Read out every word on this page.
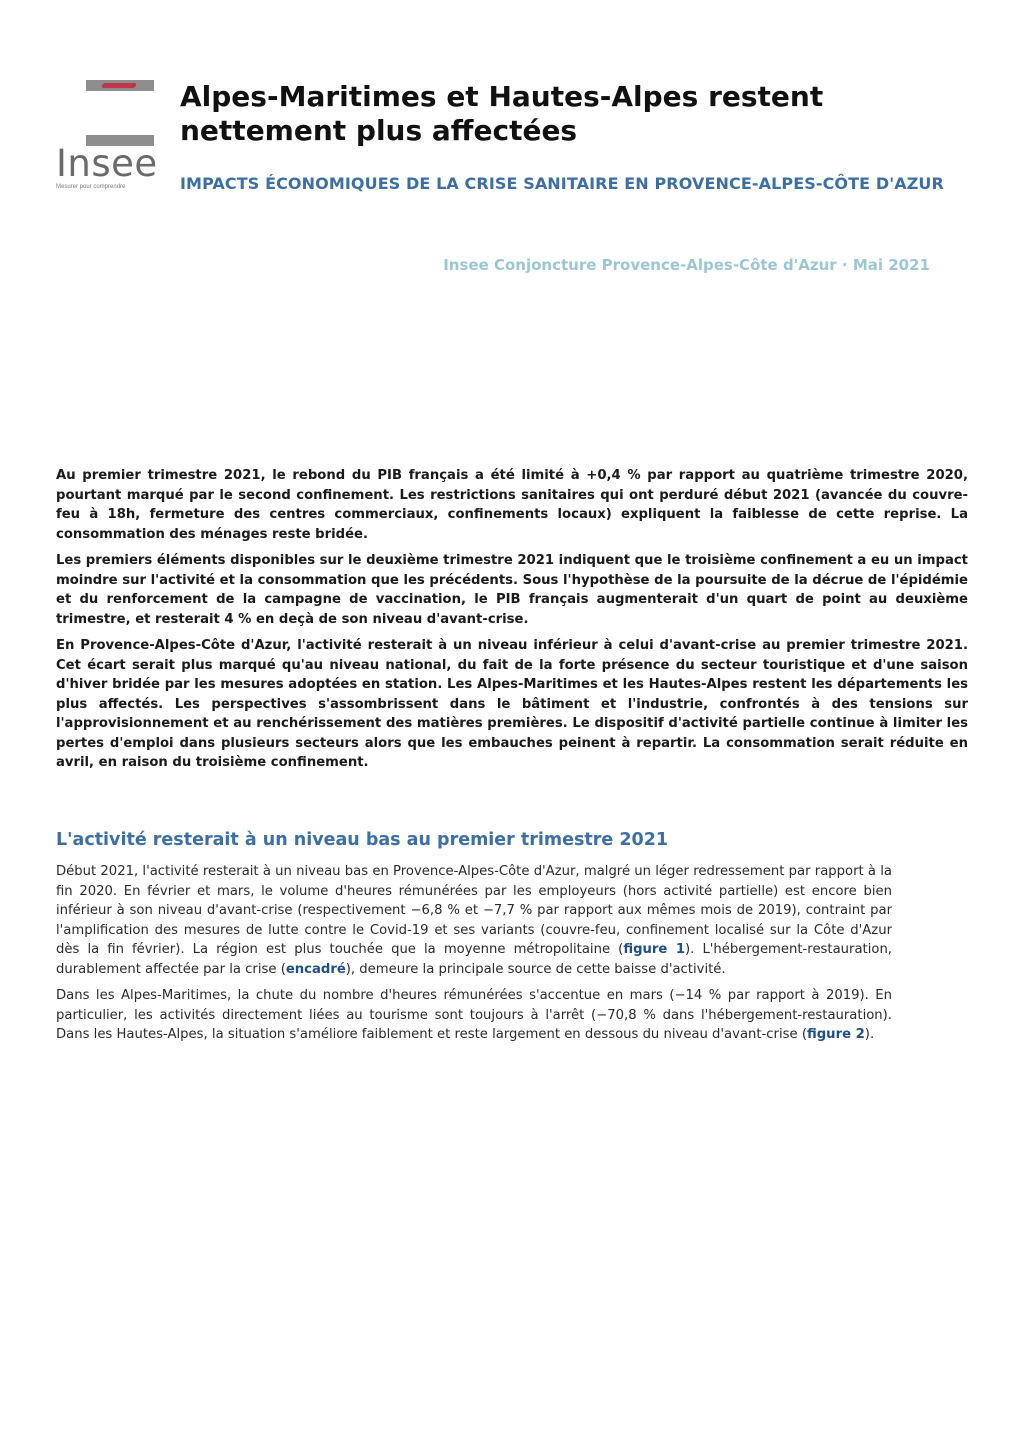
Insee
Mesurer pour comprendre
Alpes-Maritimes et Hautes-Alpes restent nettement plus affectées
IMPACTS ÉCONOMIQUES DE LA CRISE SANITAIRE EN PROVENCE-ALPES-CÔTE D'AZUR

Insee Conjoncture Provence-Alpes-Côte d'Azur · Mai 2021

Au premier trimestre 2021, le rebond du PIB français a été limité à +0,4 % par rapport au quatrième trimestre 2020, pourtant marqué par le second confinement. Les restrictions sanitaires qui ont perduré début 2021 (avancée du couvre-feu à 18h, fermeture des centres commerciaux, confinements locaux) expliquent la faiblesse de cette reprise. La consommation des ménages reste bridée.

Les premiers éléments disponibles sur le deuxième trimestre 2021 indiquent que le troisième confinement a eu un impact moindre sur l'activité et la consommation que les précédents. Sous l'hypothèse de la poursuite de la décrue de l'épidémie et du renforcement de la campagne de vaccination, le PIB français augmenterait d'un quart de point au deuxième trimestre, et resterait 4 % en deçà de son niveau d'avant-crise.

En Provence-Alpes-Côte d'Azur, l'activité resterait à un niveau inférieur à celui d'avant-crise au premier trimestre 2021. Cet écart serait plus marqué qu'au niveau national, du fait de la forte présence du secteur touristique et d'une saison d'hiver bridée par les mesures adoptées en station. Les Alpes-Maritimes et les Hautes-Alpes restent les départements les plus affectés. Les perspectives s'assombrissent dans le bâtiment et l'industrie, confrontés à des tensions sur l'approvisionnement et au renchérissement des matières premières. Le dispositif d'activité partielle continue à limiter les pertes d'emploi dans plusieurs secteurs alors que les embauches peinent à repartir. La consommation serait réduite en avril, en raison du troisième confinement.

L'activité resterait à un niveau bas au premier trimestre 2021

Début 2021, l'activité resterait à un niveau bas en Provence-Alpes-Côte d'Azur, malgré un léger redressement par rapport à la fin 2020. En février et mars, le volume d'heures rémunérées par les employeurs (hors activité partielle) est encore bien inférieur à son niveau d'avant-crise (respectivement −6,8 % et −7,7 % par rapport aux mêmes mois de 2019), contraint par l'amplification des mesures de lutte contre le Covid-19 et ses variants (couvre-feu, confinement localisé sur la Côte d'Azur dès la fin février). La région est plus touchée que la moyenne métropolitaine (figure 1). L'hébergement-restauration, durablement affectée par la crise (encadré), demeure la principale source de cette baisse d'activité.

Dans les Alpes-Maritimes, la chute du nombre d'heures rémunérées s'accentue en mars (−14 % par rapport à 2019). En particulier, les activités directement liées au tourisme sont toujours à l'arrêt (−70,8 % dans l'hébergement-restauration). Dans les Hautes-Alpes, la situation s'améliore faiblement et reste largement en dessous du niveau d'avant-crise (figure 2).
